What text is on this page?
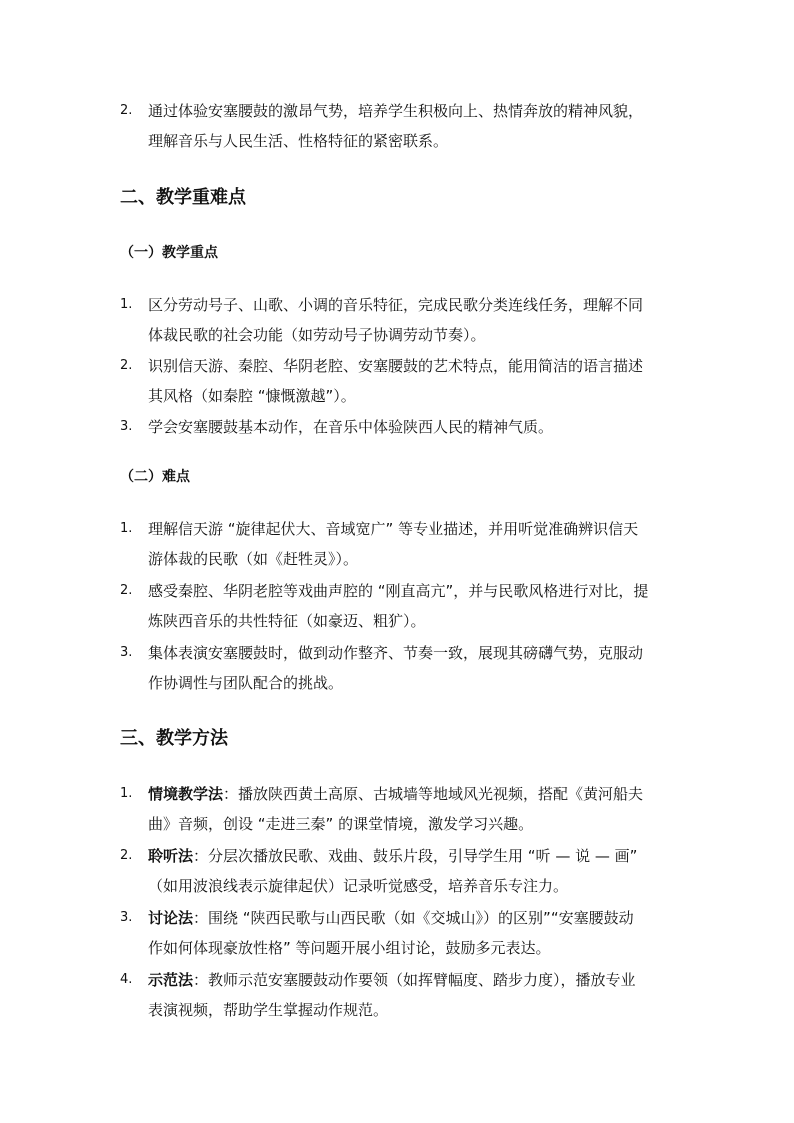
2.	通过体验安塞腰鼓的激昂气势，培养学生积极向上、热情奔放的精神风貌，
理解音乐与人民生活、性格特征的紧密联系。
二、教学重难点
（一）教学重点
1.	区分劳动号子、山歌、小调的音乐特征，完成民歌分类连线任务，理解不同
体裁民歌的社会功能（如劳动号子协调劳动节奏）。
2.	识别信天游、秦腔、华阴老腔、安塞腰鼓的艺术特点，能用简洁的语言描述
其风格（如秦腔 “慷慨激越”）。
3.	学会安塞腰鼓基本动作，在音乐中体验陕西人民的精神气质。
（二）难点
1.	理解信天游 “旋律起伏大、音域宽广” 等专业描述，并用听觉准确辨识信天
游体裁的民歌（如《赶牲灵》）。
2.	感受秦腔、华阴老腔等戏曲声腔的 “刚直高亢”，并与民歌风格进行对比，提
炼陕西音乐的共性特征（如豪迈、粗犷）。
3.	集体表演安塞腰鼓时，做到动作整齐、节奏一致，展现其磅礴气势，克服动
作协调性与团队配合的挑战。
三、教学方法
1.	情境教学法：播放陕西黄土高原、古城墙等地域风光视频，搭配《黄河船夫
曲》音频，创设 “走进三秦” 的课堂情境，激发学习兴趣。
2.	聆听法：分层次播放民歌、戏曲、鼓乐片段，引导学生用 “听 — 说 — 画”
（如用波浪线表示旋律起伏）记录听觉感受，培养音乐专注力。
3.	讨论法：围绕 “陕西民歌与山西民歌（如《交城山》）的区别”“安塞腰鼓动
作如何体现豪放性格” 等问题开展小组讨论，鼓励多元表达。
4.	示范法：教师示范安塞腰鼓动作要领（如挥臂幅度、踏步力度），播放专业
表演视频，帮助学生掌握动作规范。
